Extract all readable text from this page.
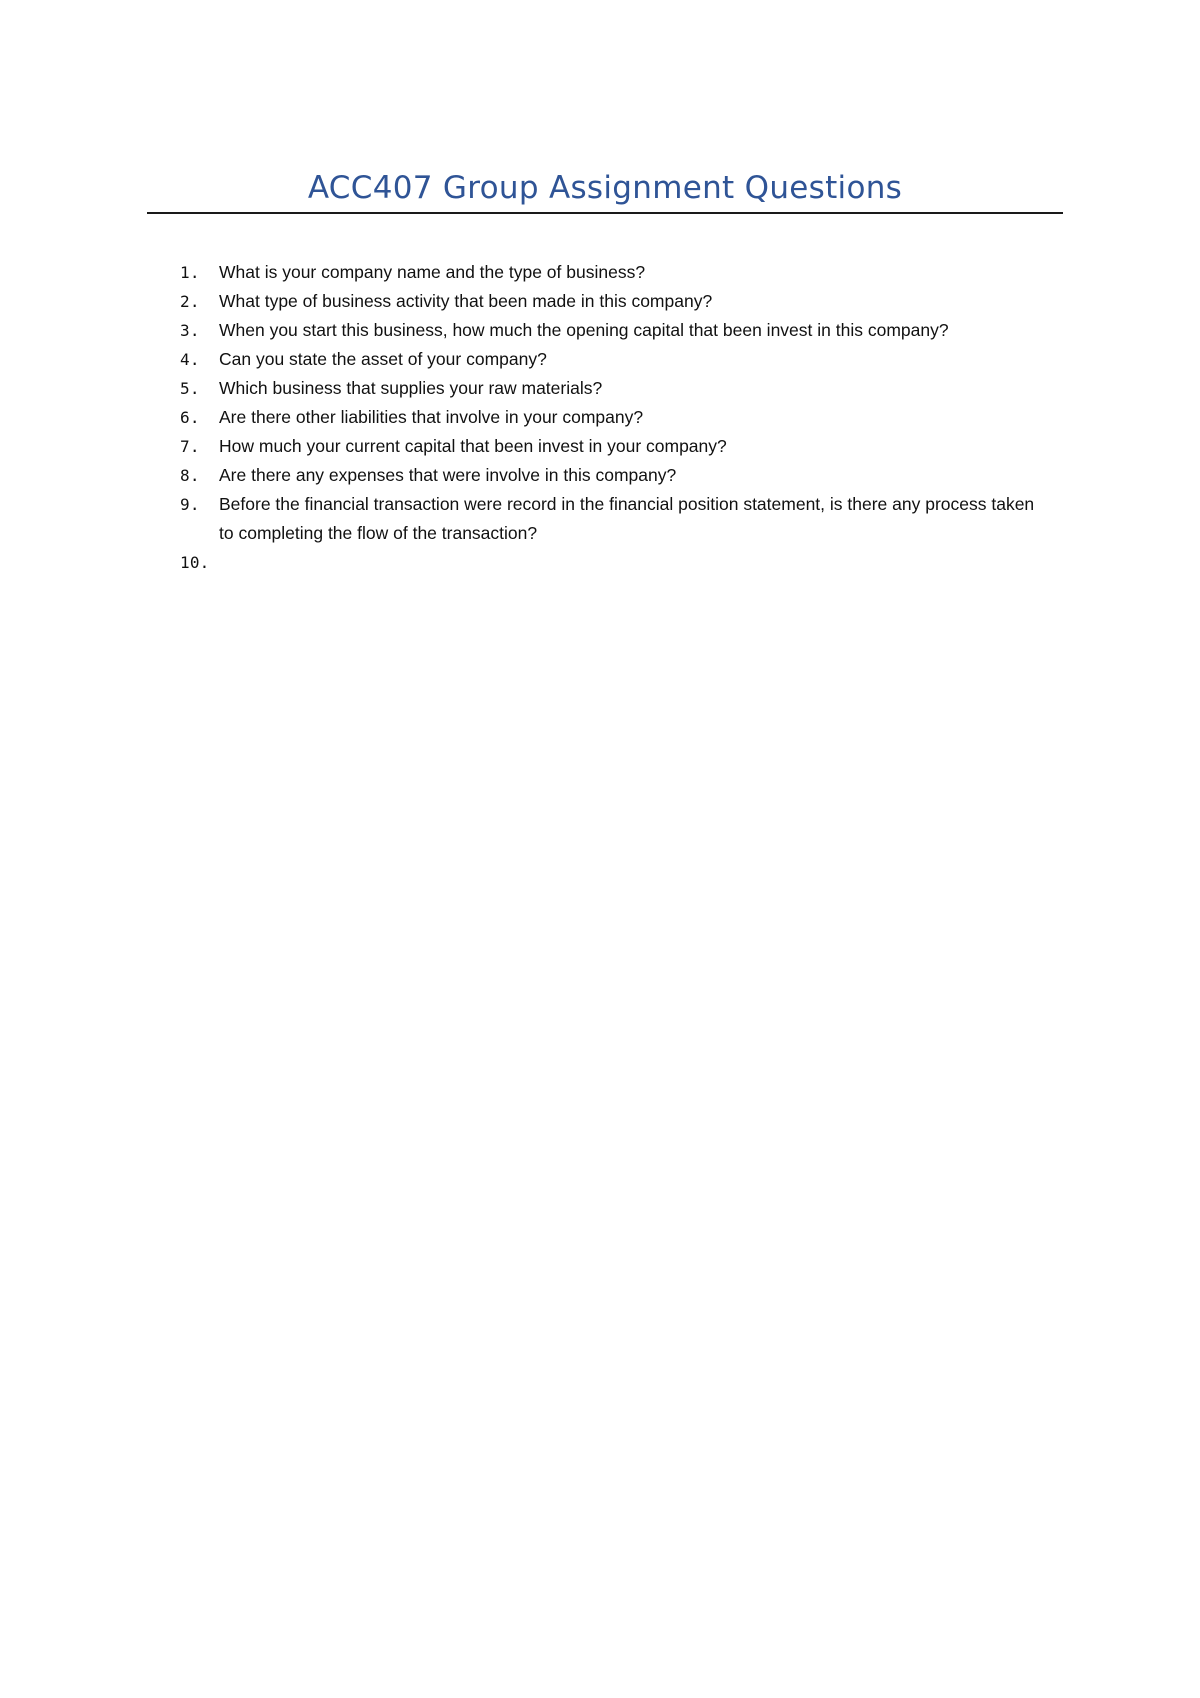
ACC407 Group Assignment Questions
1.	What is your company name and the type of business?
2.	What type of business activity that been made in this company?
3.	When you start this business, how much the opening capital that been invest in this company?
4.	Can you state the asset of your company?
5.	Which business that supplies your raw materials?
6.	Are there other liabilities that involve in your company?
7.	How much your current capital that been invest in your company?
8.	Are there any expenses that were involve in this company?
9.	Before the financial transaction were record in the financial position statement, is there any process taken to completing the flow of the transaction?
10.
